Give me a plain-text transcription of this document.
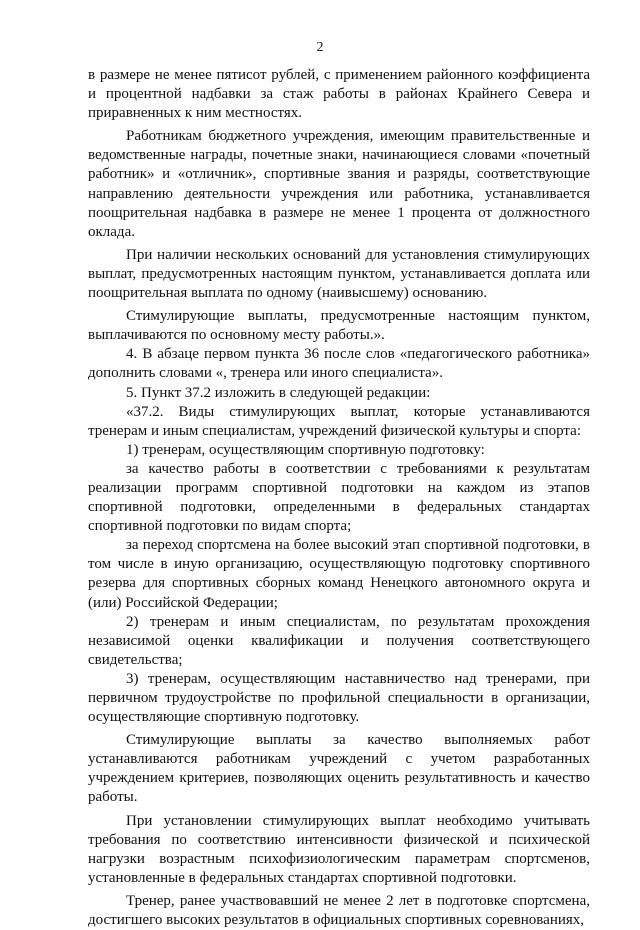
2

в размере не менее пятисот рублей, с применением районного коэффициента и процентной надбавки за стаж работы в районах Крайнего Севера и приравненных к ним местностях.

Работникам бюджетного учреждения, имеющим правительственные и ведомственные награды, почетные знаки, начинающиеся словами «почетный работник» и «отличник», спортивные звания и разряды, соответствующие направлению деятельности учреждения или работника, устанавливается поощрительная надбавка в размере не менее 1 процента от должностного оклада.

При наличии нескольких оснований для установления стимулирующих выплат, предусмотренных настоящим пунктом, устанавливается доплата или поощрительная выплата по одному (наивысшему) основанию.

Стимулирующие выплаты, предусмотренные настоящим пунктом, выплачиваются по основному месту работы.».

4. В абзаце первом пункта 36 после слов «педагогического работника» дополнить словами «, тренера или иного специалиста».

5. Пункт 37.2 изложить в следующей редакции:

«37.2. Виды стимулирующих выплат, которые устанавливаются тренерам и иным специалистам, учреждений физической культуры и спорта:

1) тренерам, осуществляющим спортивную подготовку:

за качество работы в соответствии с требованиями к результатам реализации программ спортивной подготовки на каждом из этапов спортивной подготовки, определенными в федеральных стандартах спортивной подготовки по видам спорта;

за переход спортсмена на более высокий этап спортивной подготовки, в том числе в иную организацию, осуществляющую подготовку спортивного резерва для спортивных сборных команд Ненецкого автономного округа и (или) Российской Федерации;

2) тренерам и иным специалистам, по результатам прохождения независимой оценки квалификации и получения соответствующего свидетельства;

3) тренерам, осуществляющим наставничество над тренерами, при первичном трудоустройстве по профильной специальности в организации, осуществляющие спортивную подготовку.

Стимулирующие выплаты за качество выполняемых работ устанавливаются работникам учреждений с учетом разработанных учреждением критериев, позволяющих оценить результативность и качество работы.

При установлении стимулирующих выплат необходимо учитывать требования по соответствию интенсивности физической и психической нагрузки возрастным психофизиологическим параметрам спортсменов, установленные в федеральных стандартах спортивной подготовки.

Тренер, ранее участвовавший не менее 2 лет в подготовке спортсмена, достигшего высоких результатов в официальных спортивных соревнованиях,
